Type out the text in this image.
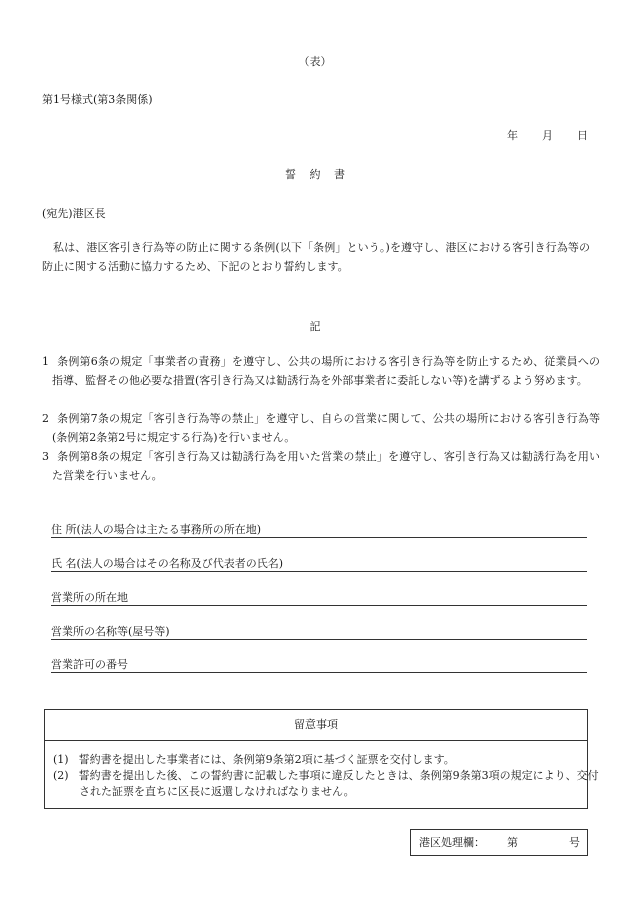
（表）
第1号様式(第3条関係)
年 月 日
誓 約 書
(宛先)港区長

私は、港区客引き行為等の防止に関する条例(以下「条例」という。)を遵守し、港区における客引き行為等の防止に関する活動に協力するため、下記のとおり誓約します。

記
1 条例第6条の規定「事業者の責務」を遵守し、公共の場所における客引き行為等を防止するため、従業員への指導、監督その他必要な措置(客引き行為又は勧誘行為を外部事業者に委託しない等)を講ずるよう努めます。
2 条例第7条の規定「客引き行為等の禁止」を遵守し、自らの営業に関して、公共の場所における客引き行為等(条例第2条第2号に規定する行為)を行いません。
3 条例第8条の規定「客引き行為又は勧誘行為を用いた営業の禁止」を遵守し、客引き行為又は勧誘行為を用いた営業を行いません。
住 所(法人の場合は主たる事務所の所在地)
氏 名(法人の場合はその名称及び代表者の氏名)
営業所の所在地
営業所の名称等(屋号等)
営業許可の番号
留意事項
(1) 誓約書を提出した事業者には、条例第9条第2項に基づく証票を交付します。
(2) 誓約書を提出した後、この誓約書に記載した事項に違反したときは、条例第9条第3項の規定により、交付された証票を直ちに区長に返還しなければなりません。
港区処理欄： 第	号
